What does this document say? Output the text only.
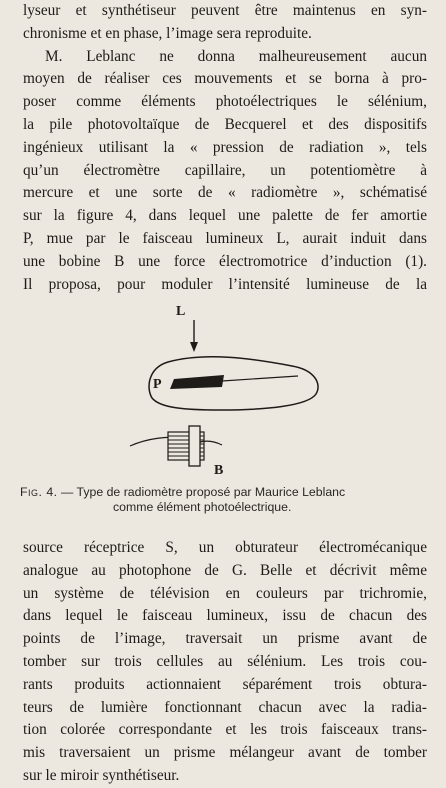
lyseur et synthétiseur peuvent être maintenus en syn-
chronisme et en phase, l’image sera reproduite.
M. Leblanc ne donna malheureusement aucun
moyen de réaliser ces mouvements et se borna à pro-
poser comme éléments photoélectriques le sélénium,
la pile photovoltaïque de Becquerel et des dispositifs
ingénieux utilisant la « pression de radiation », tels
qu’un électromètre capillaire, un potentiomètre à
mercure et une sorte de « radiomètre », schématisé
sur la figure 4, dans lequel une palette de fer amortie
P, mue par le faisceau lumineux L, aurait induit dans
une bobine B une force électromotrice d’induction (1).
Il proposa, pour moduler l’intensité lumineuse de la
L
P
B
Fig. 4. — Type de radiomètre proposé par Maurice Leblanc
comme élément photoélectrique.
source réceptrice S, un obturateur électromécanique
analogue au photophone de G. Belle et décrivit même
un système de télévision en couleurs par trichromie,
dans lequel le faisceau lumineux, issu de chacun des
points de l’image, traversait un prisme avant de
tomber sur trois cellules au sélénium. Les trois cou-
rants produits actionnaient séparément trois obtura-
teurs de lumière fonctionnant chacun avec la radia-
tion colorée correspondante et les trois faisceaux trans-
mis traversaient un prisme mélangeur avant de tomber
sur le miroir synthétiseur.
